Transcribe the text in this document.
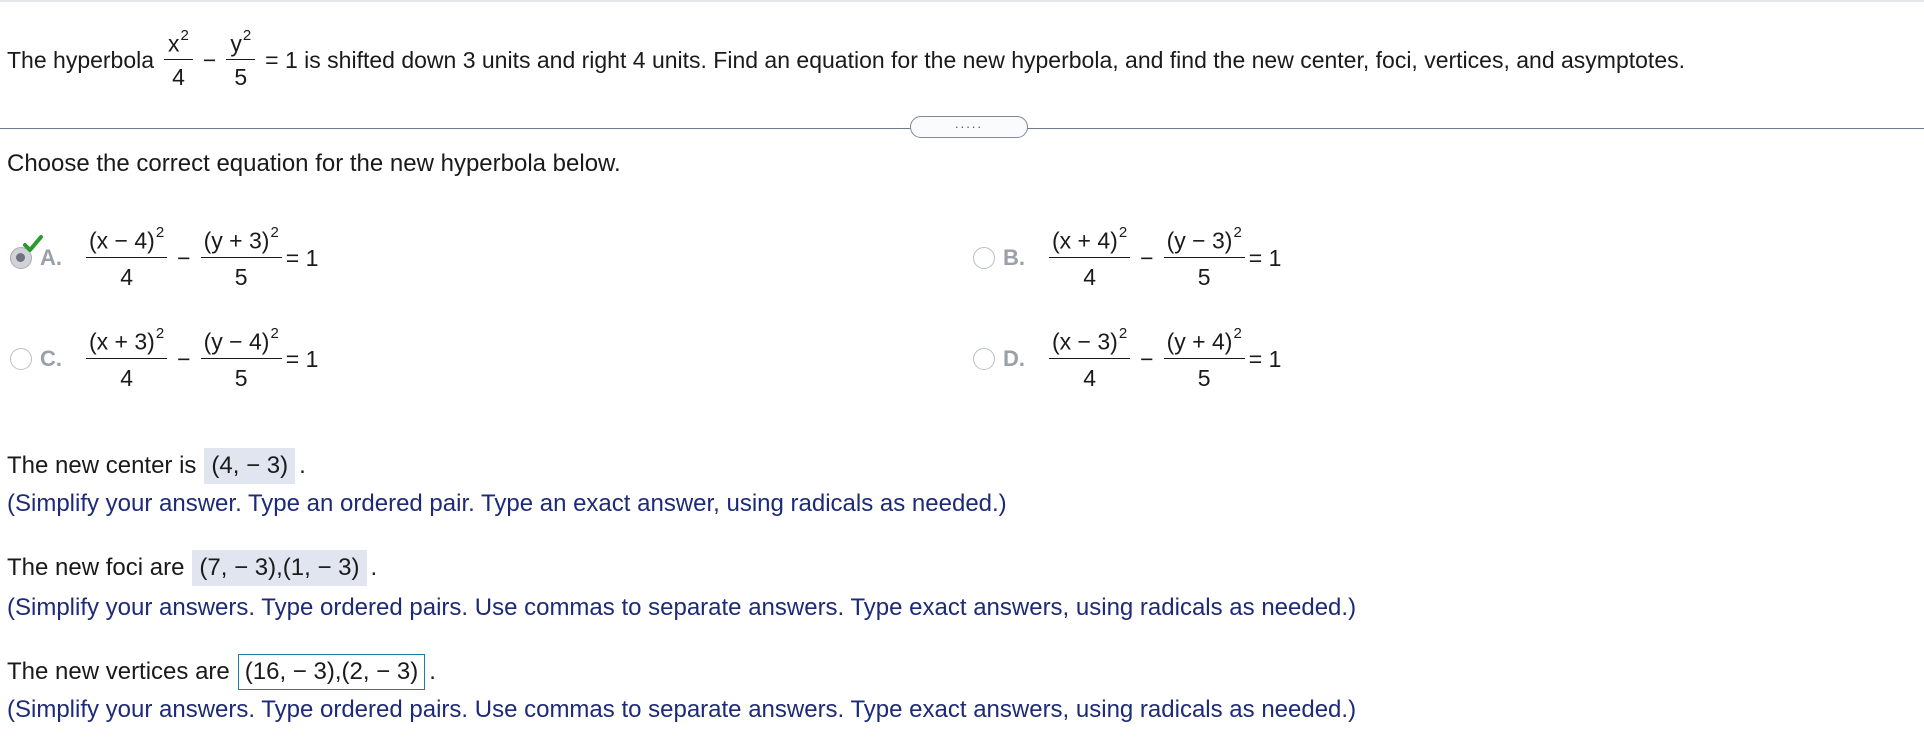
The hyperbola $\frac{x^2}{4} - \frac{y^2}{5} = 1$ is shifted down 3 units and right 4 units. Find an equation for the new hyperbola, and find the new center, foci, vertices, and asymptotes.
.....
Choose the correct equation for the new hyperbola below.
A. $\frac{(x - 4)^2}{4} - \frac{(y + 3)^2}{5} = 1$	B. $\frac{(x + 4)^2}{4} - \frac{(y - 3)^2}{5} = 1$
C. $\frac{(x + 3)^2}{4} - \frac{(y - 4)^2}{5} = 1$	D. $\frac{(x - 3)^2}{4} - \frac{(y + 4)^2}{5} = 1$
The new center is (4, − 3) .
(Simplify your answer. Type an ordered pair. Type an exact answer, using radicals as needed.)
The new foci are (7, − 3),(1, − 3) .
(Simplify your answers. Type ordered pairs. Use commas to separate answers. Type exact answers, using radicals as needed.)
The new vertices are (16, − 3),(2, − 3) .
(Simplify your answers. Type ordered pairs. Use commas to separate answers. Type exact answers, using radicals as needed.)
